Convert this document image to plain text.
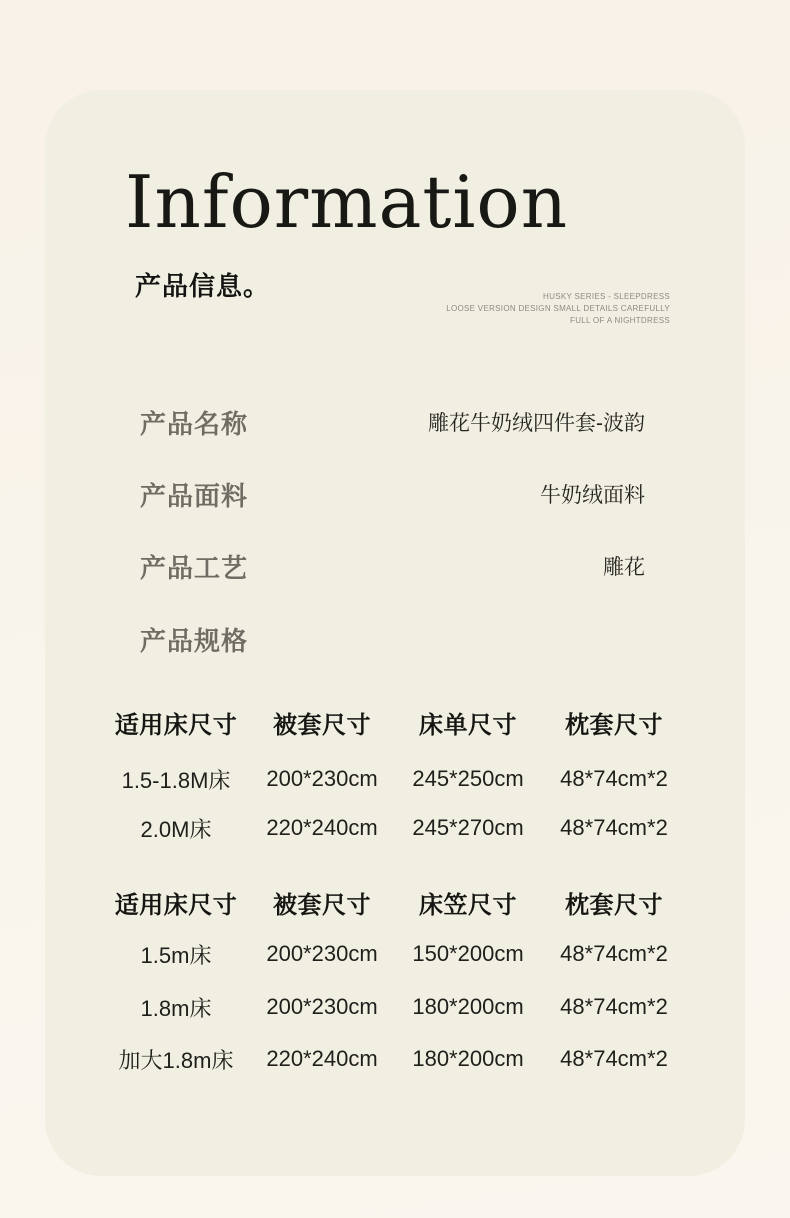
Information
产品信息。	HUSKY SERIES - SLEEPDRESS
LOOSE VERSION DESIGN SMALL DETAILS CAREFULLY
FULL OF A NIGHTDRESS
产品名称	雕花牛奶绒四件套-波韵
产品面料	牛奶绒面料
产品工艺	雕花
产品规格
适用床尺寸	被套尺寸	床单尺寸	枕套尺寸
1.5-1.8M床	200*230cm	245*250cm	48*74cm*2
2.0M床	220*240cm	245*270cm	48*74cm*2
适用床尺寸	被套尺寸	床笠尺寸	枕套尺寸
1.5m床	200*230cm	150*200cm	48*74cm*2
1.8m床	200*230cm	180*200cm	48*74cm*2
加大1.8m床	220*240cm	180*200cm	48*74cm*2
